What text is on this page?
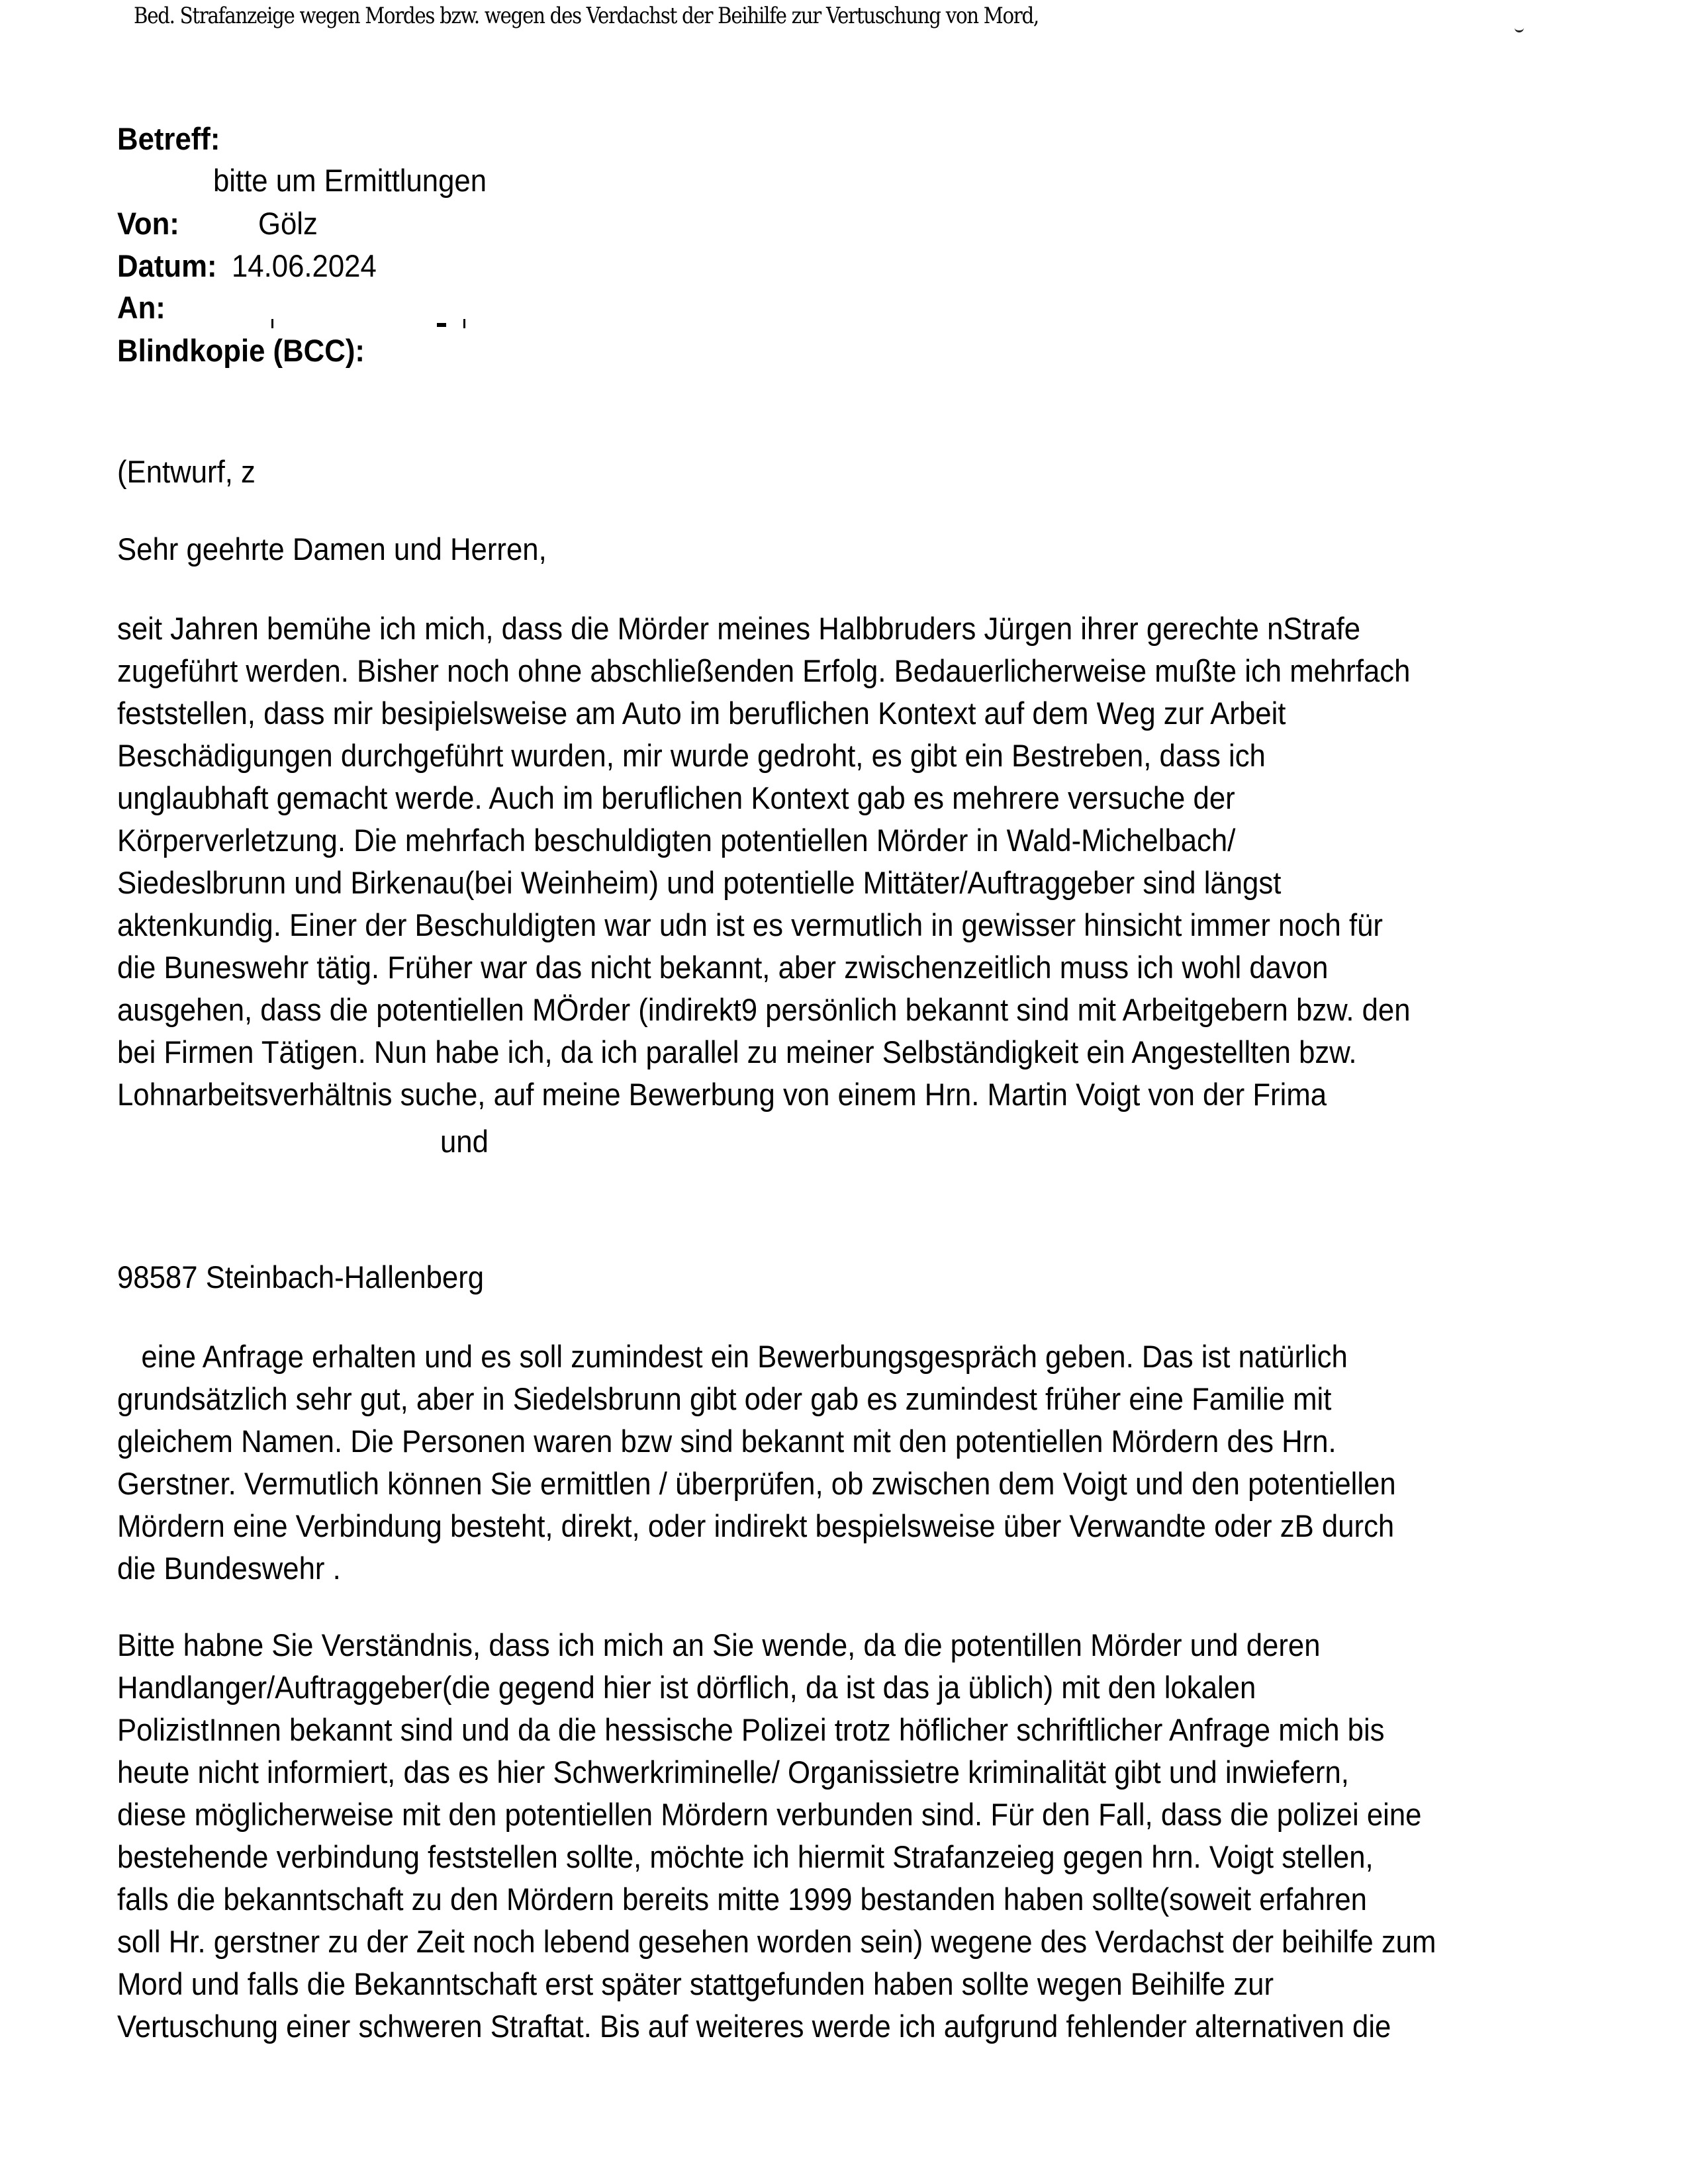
Bed. Strafanzeige wegen Mordes bzw. wegen des Verdachst der Beihilfe zur Vertuschung von Mord,
Betreff:
bitte um Ermittlungen
Von:	Gölz
Datum: 14.06.2024
An:
Blindkopie (BCC):
(Entwurf, z
Sehr geehrte Damen und Herren,
seit Jahren bemühe ich mich, dass die Mörder meines Halbbruders Jürgen ihrer gerechte nStrafe
zugeführt werden. Bisher noch ohne abschließenden Erfolg. Bedauerlicherweise mußte ich mehrfach
feststellen, dass mir besipielsweise am Auto im beruflichen Kontext auf dem Weg zur Arbeit
Beschädigungen durchgeführt wurden, mir wurde gedroht, es gibt ein Bestreben, dass ich
unglaubhaft gemacht werde. Auch im beruflichen Kontext gab es mehrere versuche der
Körperverletzung. Die mehrfach beschuldigten potentiellen Mörder in Wald-Michelbach/
Siedeslbrunn und Birkenau(bei Weinheim) und potentielle Mittäter/Auftraggeber sind längst
aktenkundig. Einer der Beschuldigten war udn ist es vermutlich in gewisser hinsicht immer noch für
die Buneswehr tätig. Früher war das nicht bekannt, aber zwischenzeitlich muss ich wohl davon
ausgehen, dass die potentiellen MÖrder (indirekt9 persönlich bekannt sind mit Arbeitgebern bzw. den
bei Firmen Tätigen. Nun habe ich, da ich parallel zu meiner Selbständigkeit ein Angestellten bzw.
Lohnarbeitsverhältnis suche, auf meine Bewerbung von einem Hrn. Martin Voigt von der Frima
und
98587 Steinbach-Hallenberg
eine Anfrage erhalten und es soll zumindest ein Bewerbungsgespräch geben. Das ist natürlich
grundsätzlich sehr gut, aber in Siedelsbrunn gibt oder gab es zumindest früher eine Familie mit
gleichem Namen. Die Personen waren bzw sind bekannt mit den potentiellen Mördern des Hrn.
Gerstner. Vermutlich können Sie ermittlen / überprüfen, ob zwischen dem Voigt und den potentiellen
Mördern eine Verbindung besteht, direkt, oder indirekt bespielsweise über Verwandte oder zB durch
die Bundeswehr .
Bitte habne Sie Verständnis, dass ich mich an Sie wende, da die potentillen Mörder und deren
Handlanger/Auftraggeber(die gegend hier ist dörflich, da ist das ja üblich) mit den lokalen
PolizistInnen bekannt sind und da die hessische Polizei trotz höflicher schriftlicher Anfrage mich bis
heute nicht informiert, das es hier Schwerkriminelle/ Organissietre kriminalität gibt und inwiefern,
diese möglicherweise mit den potentiellen Mördern verbunden sind. Für den Fall, dass die polizei eine
bestehende verbindung feststellen sollte, möchte ich hiermit Strafanzeieg gegen hrn. Voigt stellen,
falls die bekanntschaft zu den Mördern bereits mitte 1999 bestanden haben sollte(soweit erfahren
soll Hr. gerstner zu der Zeit noch lebend gesehen worden sein) wegene des Verdachst der beihilfe zum
Mord und falls die Bekanntschaft erst später stattgefunden haben sollte wegen Beihilfe zur
Vertuschung einer schweren Straftat. Bis auf weiteres werde ich aufgrund fehlender alternativen die
